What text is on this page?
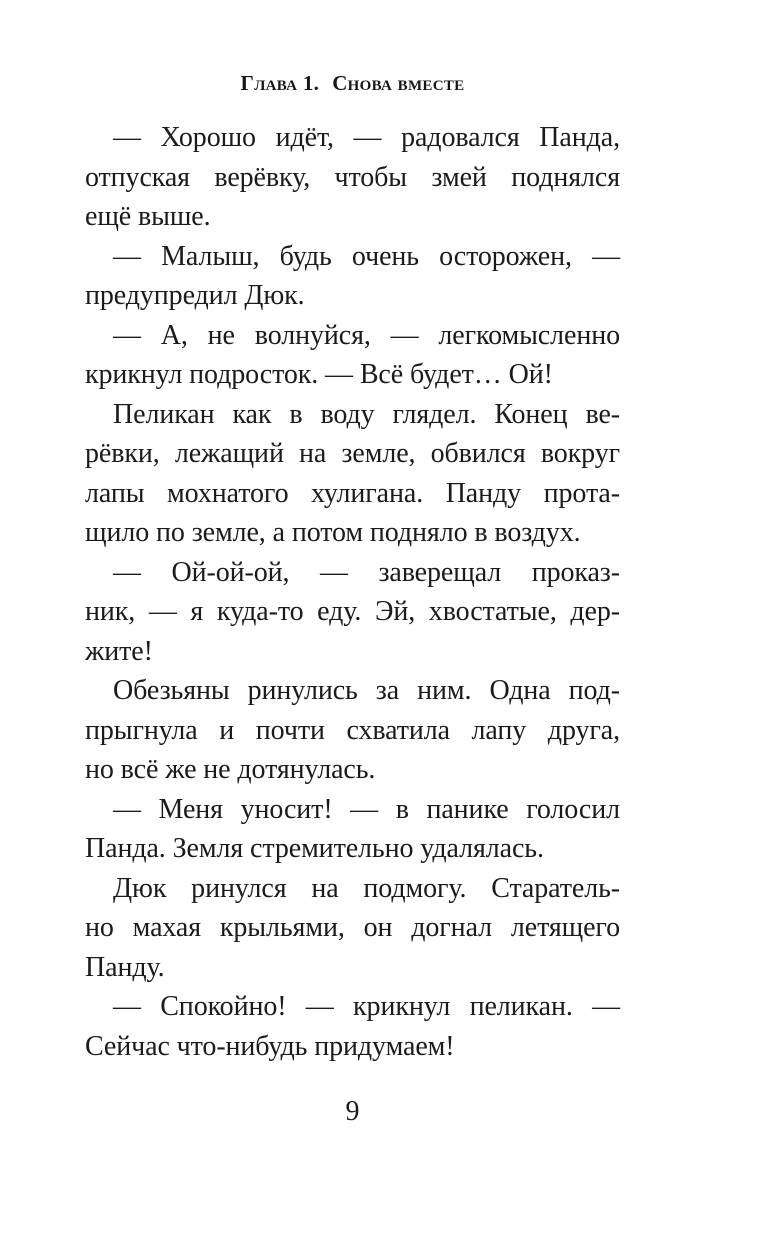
Глава 1. Снова вместе
— Хорошо идёт, — радовался Панда,
отпуская верёвку, чтобы змей поднялся
ещё выше.
— Малыш, будь очень осторожен, —
предупредил Дюк.
— А, не волнуйся, — легкомысленно
крикнул подросток. — Всё будет… Ой!
Пеликан как в воду глядел. Конец ве-
рёвки, лежащий на земле, обвился вокруг
лапы мохнатого хулигана. Панду прота-
щило по земле, а потом подняло в воздух.
— Ой-ой-ой, — заверещал проказ-
ник, — я куда-то еду. Эй, хвостатые, дер-
жите!
Обезьяны ринулись за ним. Одна под-
прыгнула и почти схватила лапу друга,
но всё же не дотянулась.
— Меня уносит! — в панике голосил
Панда. Земля стремительно удалялась.
Дюк ринулся на подмогу. Старатель-
но махая крыльями, он догнал летящего
Панду.
— Спокойно! — крикнул пеликан. —
Сейчас что-нибудь придумаем!
9
